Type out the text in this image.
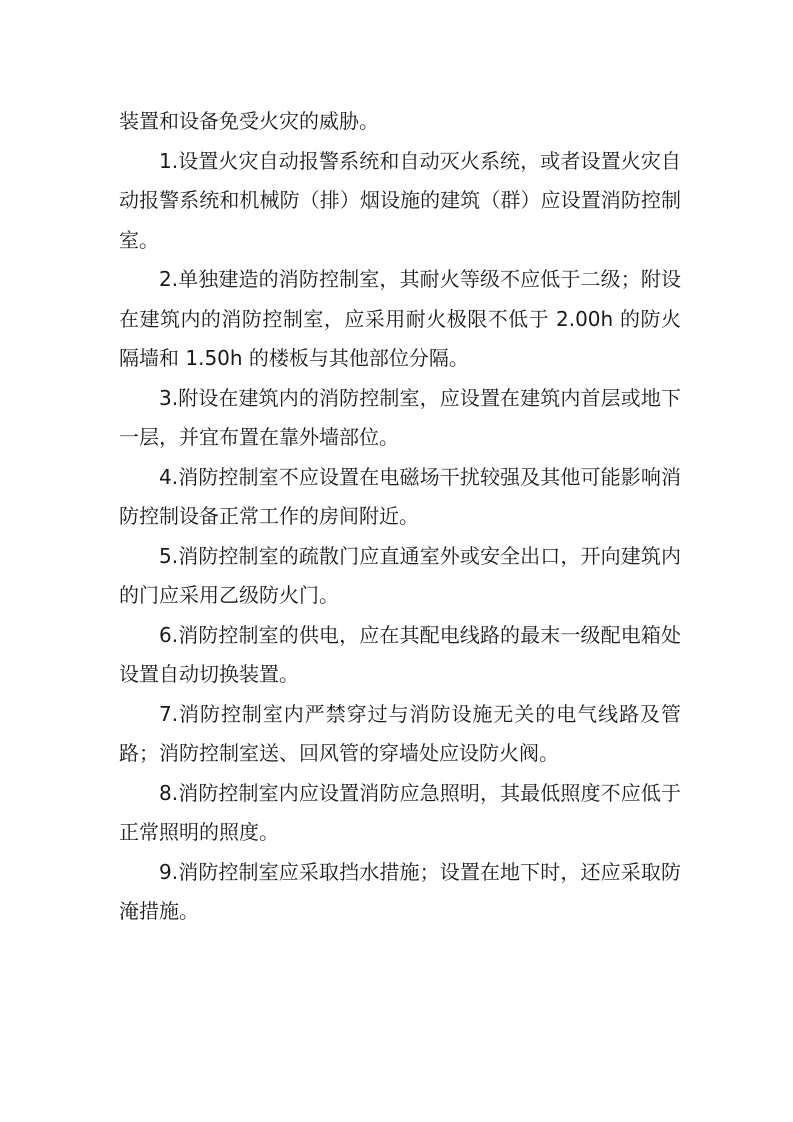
装置和设备免受火灾的威胁。

1.设置火灾自动报警系统和自动灭火系统，或者设置火灾自动报警系统和机械防（排）烟设施的建筑（群）应设置消防控制室。

2.单独建造的消防控制室，其耐火等级不应低于二级；附设在建筑内的消防控制室，应采用耐火极限不低于 2.00h 的防火隔墙和 1.50h 的楼板与其他部位分隔。

3.附设在建筑内的消防控制室，应设置在建筑内首层或地下一层，并宜布置在靠外墙部位。

4.消防控制室不应设置在电磁场干扰较强及其他可能影响消防控制设备正常工作的房间附近。

5.消防控制室的疏散门应直通室外或安全出口，开向建筑内的门应采用乙级防火门。

6.消防控制室的供电，应在其配电线路的最末一级配电箱处设置自动切换装置。

7.消防控制室内严禁穿过与消防设施无关的电气线路及管路；消防控制室送、回风管的穿墙处应设防火阀。

8.消防控制室内应设置消防应急照明，其最低照度不应低于正常照明的照度。

9.消防控制室应采取挡水措施；设置在地下时，还应采取防淹措施。
